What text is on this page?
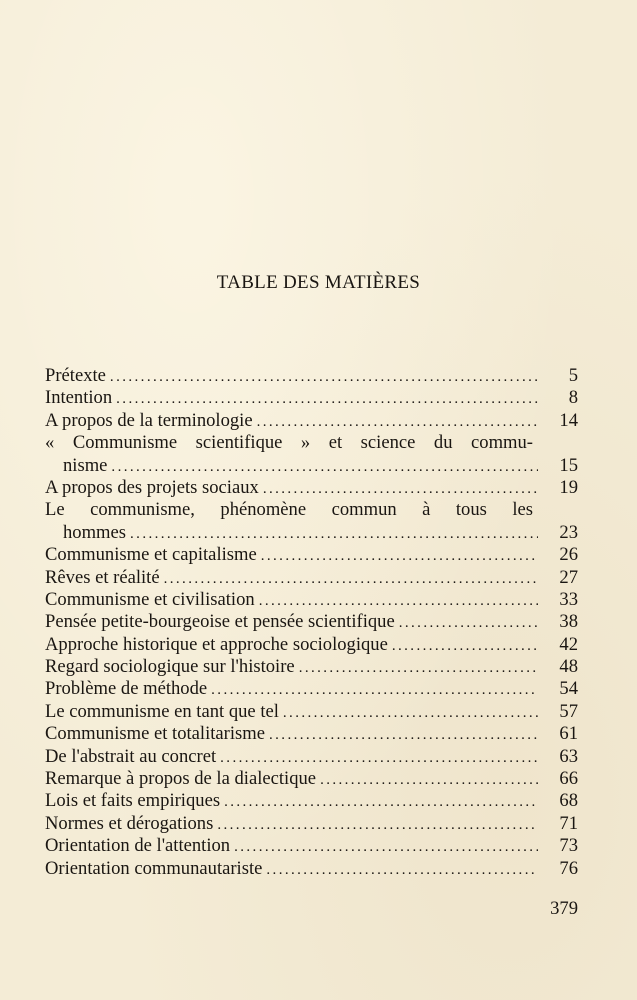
TABLE DES MATIÈRES
Prétexte .....	5
Intention .....	8
A propos de la terminologie .....	14
« Communisme scientifique » et science du commu-
nisme .....	15
A propos des projets sociaux .....	19
Le communisme, phénomène commun à tous les
hommes .....	23
Communisme et capitalisme .....	26
Rêves et réalité .....	27
Communisme et civilisation .....	33
Pensée petite-bourgeoise et pensée scientifique .....	38
Approche historique et approche sociologique .....	42
Regard sociologique sur l'histoire .....	48
Problème de méthode .....	54
Le communisme en tant que tel .....	57
Communisme et totalitarisme .....	61
De l'abstrait au concret .....	63
Remarque à propos de la dialectique .....	66
Lois et faits empiriques .....	68
Normes et dérogations .....	71
Orientation de l'attention .....	73
Orientation communautariste .....	76
379
